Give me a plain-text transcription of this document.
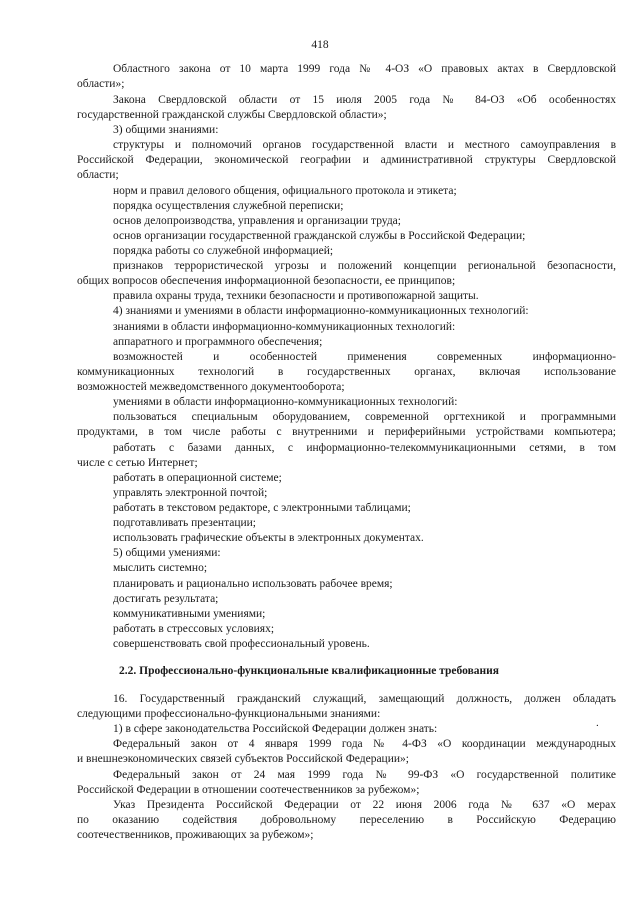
418
Областного закона от 10 марта 1999 года № 4-ОЗ «О правовых актах в Свердловской
области»;
Закона Свердловской области от 15 июля 2005 года № 84-ОЗ «Об особенностях
государственной гражданской службы Свердловской области»;
3) общими знаниями:
структуры и полномочий органов государственной власти и местного самоуправления в
Российской Федерации, экономической географии и административной структуры Свердловской
области;
норм и правил делового общения, официального протокола и этикета;
порядка осуществления служебной переписки;
основ делопроизводства, управления и организации труда;
основ организации государственной гражданской службы в Российской Федерации;
порядка работы со служебной информацией;
признаков террористической угрозы и положений концепции региональной безопасности,
общих вопросов обеспечения информационной безопасности, ее принципов;
правила охраны труда, техники безопасности и противопожарной защиты.
4) знаниями и умениями в области информационно-коммуникационных технологий:
знаниями в области информационно-коммуникационных технологий:
аппаратного и программного обеспечения;
возможностей и особенностей применения современных информационно-
коммуникационных технологий в государственных органах, включая использование
возможностей межведомственного документооборота;
умениями в области информационно-коммуникационных технологий:
пользоваться специальным оборудованием, современной оргтехникой и программными
продуктами, в том числе работы с внутренними и периферийными устройствами компьютера;
работать с базами данных, с информационно-телекоммуникационными сетями, в том
числе с сетью Интернет;
работать в операционной системе;
управлять электронной почтой;
работать в текстовом редакторе, с электронными таблицами;
подготавливать презентации;
использовать графические объекты в электронных документах.
5) общими умениями:
мыслить системно;
планировать и рационально использовать рабочее время;
достигать результата;
коммуникативными умениями;
работать в стрессовых условиях;
совершенствовать свой профессиональный уровень.
2.2. Профессионально-функциональные квалификационные требования
16. Государственный гражданский служащий, замещающий должность, должен обладать
следующими профессионально-функциональными знаниями:
1) в сфере законодательства Российской Федерации должен знать:
Федеральный закон от 4 января 1999 года № 4-ФЗ «О координации международных
и внешнеэкономических связей субъектов Российской Федерации»;
Федеральный закон от 24 мая 1999 года № 99-ФЗ «О государственной политике
Российской Федерации в отношении соотечественников за рубежом»;
Указ Президента Российской Федерации от 22 июня 2006 года № 637 «О мерах
по оказанию содействия добровольному переселению в Российскую Федерацию
соотечественников, проживающих за рубежом»;
.
